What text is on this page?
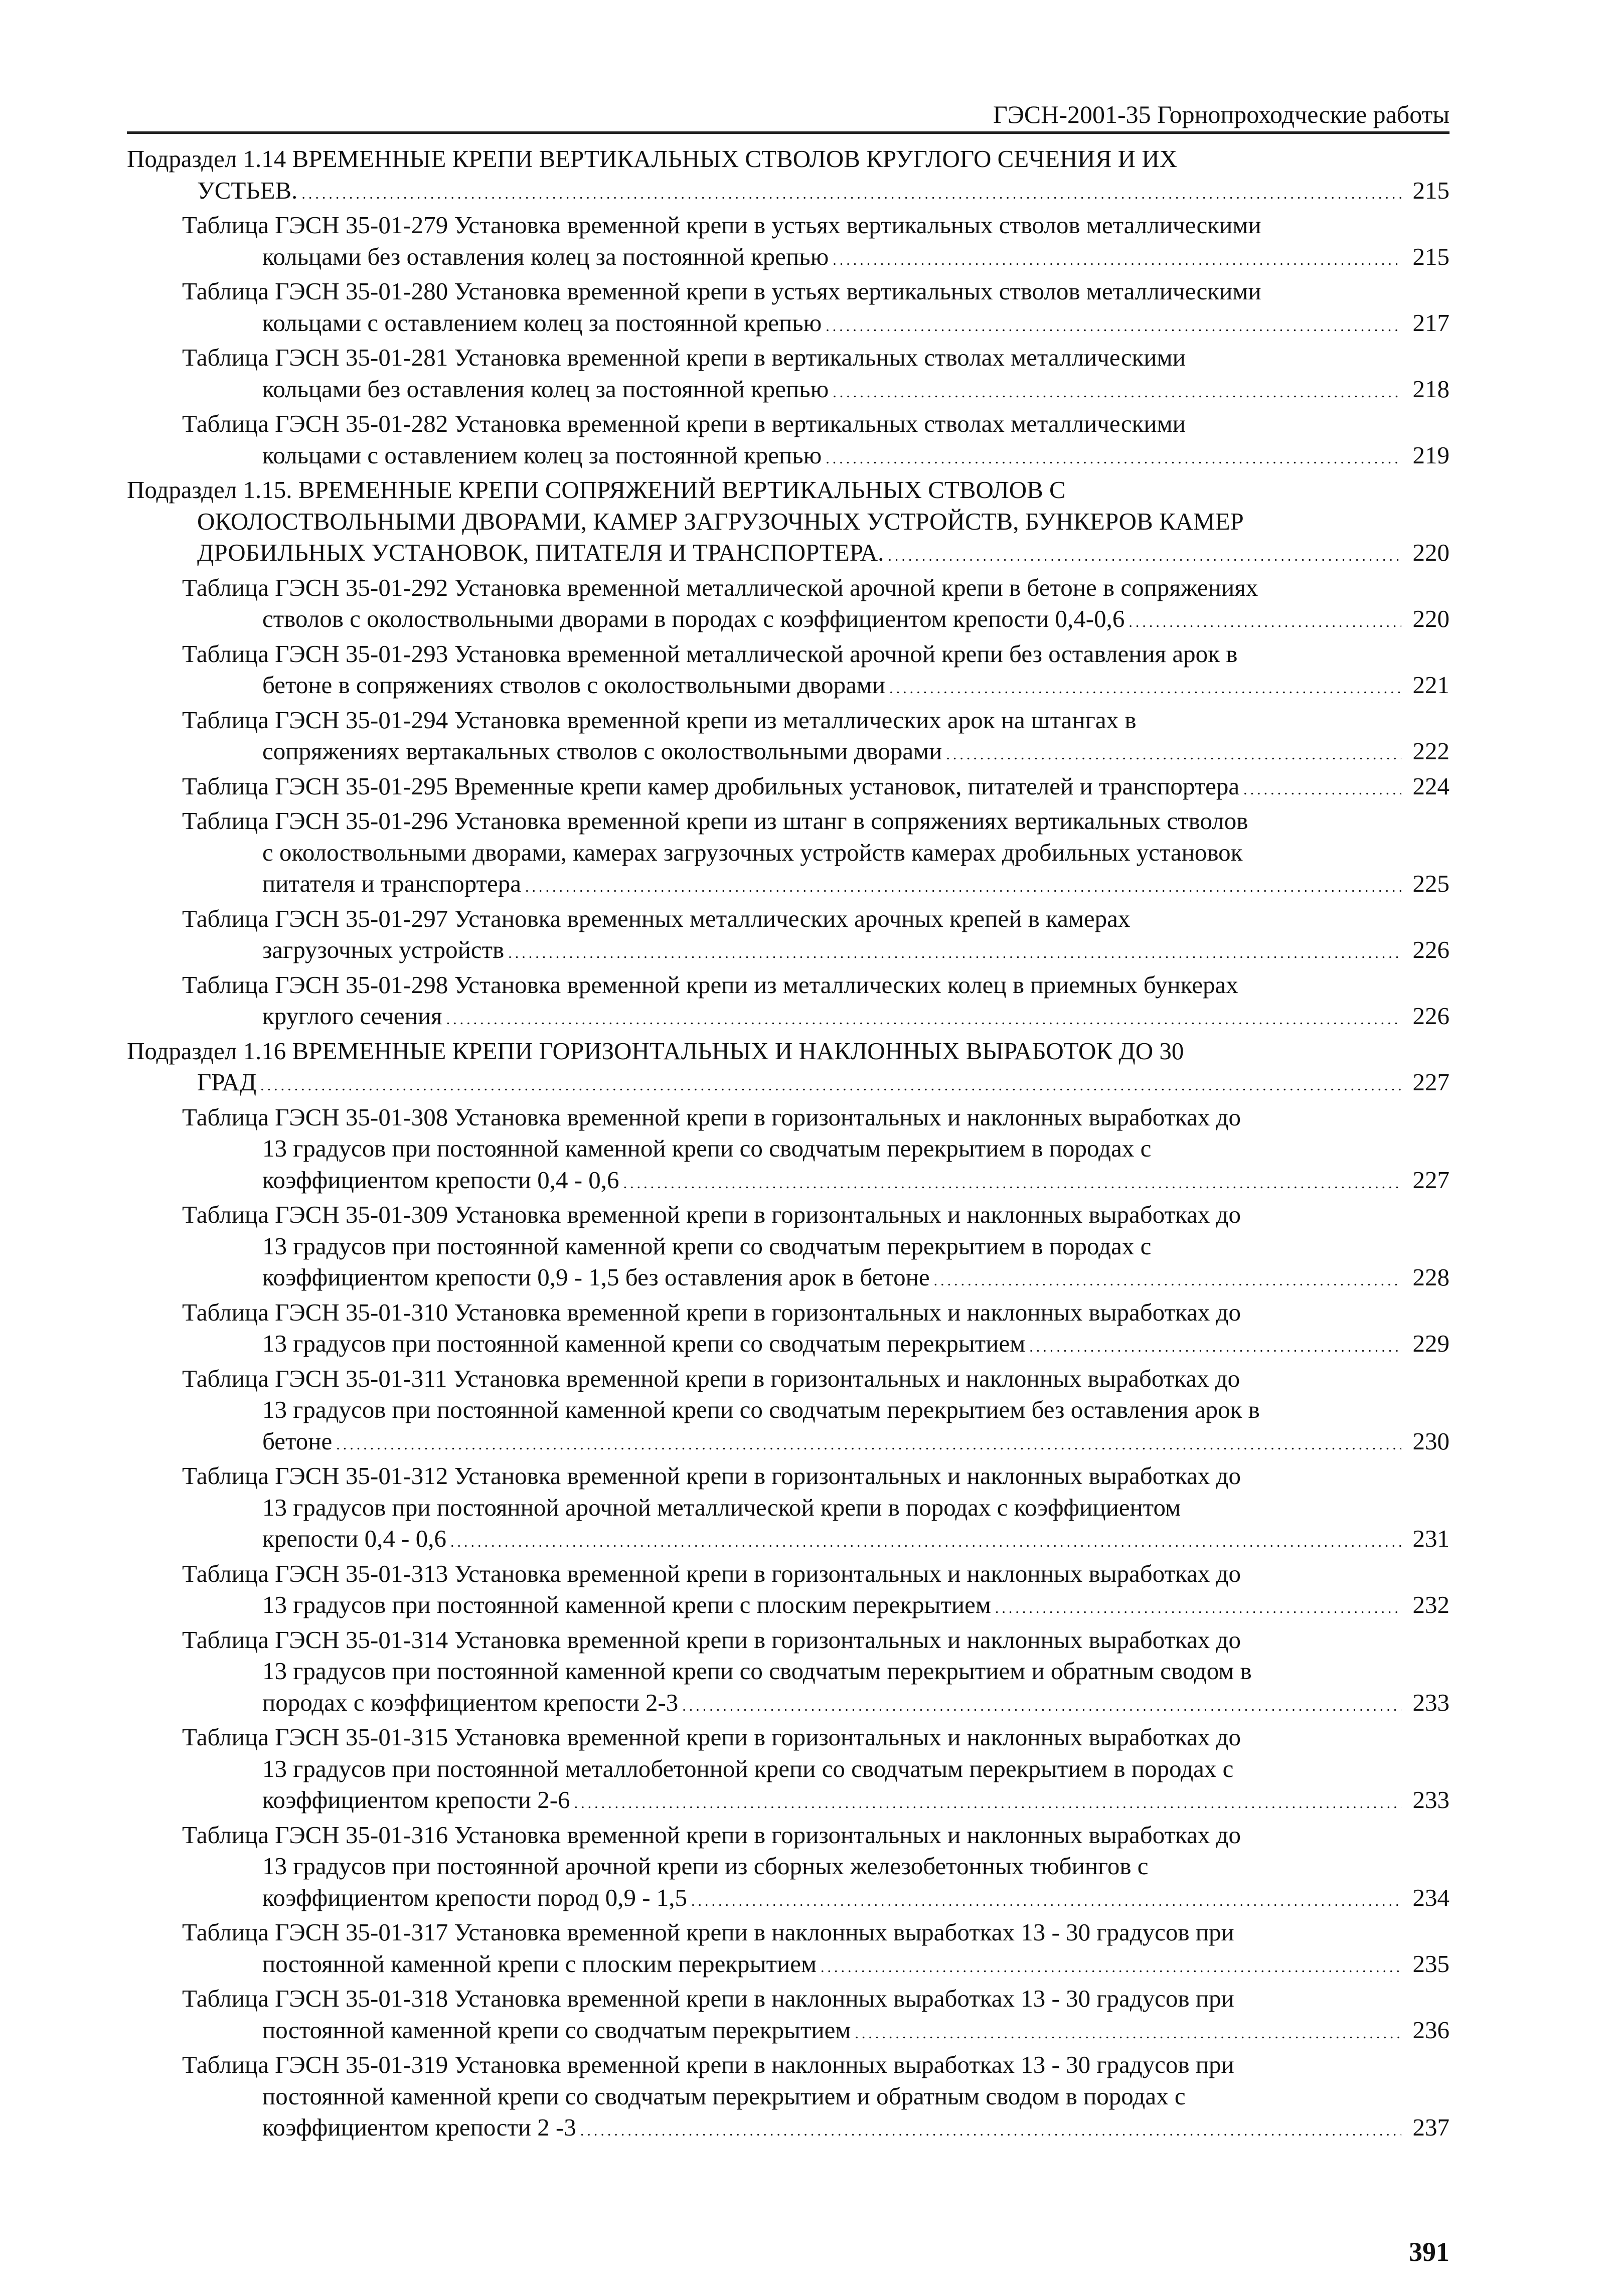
ГЭСН-2001-35 Горнопроходческие работы
Подраздел 1.14 ВРЕМЕННЫЕ КРЕПИ ВЕРТИКАЛЬНЫХ СТВОЛОВ КРУГЛОГО СЕЧЕНИЯ И ИХ
УСТЬЕВ. .....	215
Таблица ГЭСН 35-01-279 Установка временной крепи в устьях вертикальных стволов металлическими
кольцами без оставления колец за постоянной крепью .....	215
Таблица ГЭСН 35-01-280 Установка временной крепи в устьях вертикальных стволов металлическими
кольцами с оставлением колец за постоянной крепью .....	217
Таблица ГЭСН 35-01-281 Установка временной крепи в вертикальных стволах металлическими
кольцами без оставления колец за постоянной крепью .....	218
Таблица ГЭСН 35-01-282 Установка временной крепи в вертикальных стволах металлическими
кольцами с оставлением колец за постоянной крепью .....	219
Подраздел 1.15. ВРЕМЕННЫЕ КРЕПИ СОПРЯЖЕНИЙ ВЕРТИКАЛЬНЫХ СТВОЛОВ С
ОКОЛОСТВОЛЬНЫМИ ДВОРАМИ, КАМЕР ЗАГРУЗОЧНЫХ УСТРОЙСТВ, БУНКЕРОВ КАМЕР
ДРОБИЛЬНЫХ УСТАНОВОК, ПИТАТЕЛЯ И ТРАНСПОРТЕРА. .....	220
Таблица ГЭСН 35-01-292 Установка временной металлической арочной крепи в бетоне в сопряжениях
стволов с околоствольными дворами в породах с коэффициентом крепости 0,4-0,6 .....	220
Таблица ГЭСН 35-01-293 Установка временной металлической арочной крепи без оставления арок в
бетоне в сопряжениях стволов с околоствольными дворами .....	221
Таблица ГЭСН 35-01-294 Установка временной крепи из металлических арок на штангах в
сопряжениях вертакальных стволов с околоствольными дворами .....	222
Таблица ГЭСН 35-01-295 Временные крепи камер дробильных установок, питателей и транспортера .....	224
Таблица ГЭСН 35-01-296 Установка временной крепи из штанг в сопряжениях вертикальных стволов
с околоствольными дворами, камерах загрузочных устройств камерах дробильных установок
питателя и транспортера .....	225
Таблица ГЭСН 35-01-297 Установка временных металлических арочных крепей в камерах
загрузочных устройств .....	226
Таблица ГЭСН 35-01-298 Установка временной крепи из металлических колец в приемных бункерах
круглого сечения .....	226
Подраздел 1.16 ВРЕМЕННЫЕ КРЕПИ ГОРИЗОНТАЛЬНЫХ И НАКЛОННЫХ ВЫРАБОТОК ДО 30
ГРАД .....	227
Таблица ГЭСН 35-01-308 Установка временной крепи в горизонтальных и наклонных выработках до
13 градусов при постоянной каменной крепи со сводчатым перекрытием в породах с
коэффициентом крепости 0,4 - 0,6 .....	227
Таблица ГЭСН 35-01-309 Установка временной крепи в горизонтальных и наклонных выработках до
13 градусов при постоянной каменной крепи со сводчатым перекрытием в породах с
коэффициентом крепости 0,9 - 1,5 без оставления арок в бетоне .....	228
Таблица ГЭСН 35-01-310 Установка временной крепи в горизонтальных и наклонных выработках до
13 градусов при постоянной каменной крепи со сводчатым перекрытием .....	229
Таблица ГЭСН 35-01-311 Установка временной крепи в горизонтальных и наклонных выработках до
13 градусов при постоянной каменной крепи со сводчатым перекрытием без оставления арок в
бетоне .....	230
Таблица ГЭСН 35-01-312 Установка временной крепи в горизонтальных и наклонных выработках до
13 градусов при постоянной арочной металлической крепи в породах с коэффициентом
крепости 0,4 - 0,6 .....	231
Таблица ГЭСН 35-01-313 Установка временной крепи в горизонтальных и наклонных выработках до
13 градусов при постоянной каменной крепи с плоским перекрытием .....	232
Таблица ГЭСН 35-01-314 Установка временной крепи в горизонтальных и наклонных выработках до
13 градусов при постоянной каменной крепи со сводчатым перекрытием и обратным сводом в
породах с коэффициентом крепости 2-3 .....	233
Таблица ГЭСН 35-01-315 Установка временной крепи в горизонтальных и наклонных выработках до
13 градусов при постоянной металлобетонной крепи со сводчатым перекрытием в породах с
коэффициентом крепости 2-6 .....	233
Таблица ГЭСН 35-01-316 Установка временной крепи в горизонтальных и наклонных выработках до
13 градусов при постоянной арочной крепи из сборных железобетонных тюбингов с
коэффициентом крепости пород 0,9 - 1,5 .....	234
Таблица ГЭСН 35-01-317 Установка временной крепи в наклонных выработках 13 - 30 градусов при
постоянной каменной крепи с плоским перекрытием .....	235
Таблица ГЭСН 35-01-318 Установка временной крепи в наклонных выработках 13 - 30 градусов при
постоянной каменной крепи со сводчатым перекрытием .....	236
Таблица ГЭСН 35-01-319 Установка временной крепи в наклонных выработках 13 - 30 градусов при
постоянной каменной крепи со сводчатым перекрытием и обратным сводом в породах с
коэффициентом крепости 2 -3 .....	237
391
